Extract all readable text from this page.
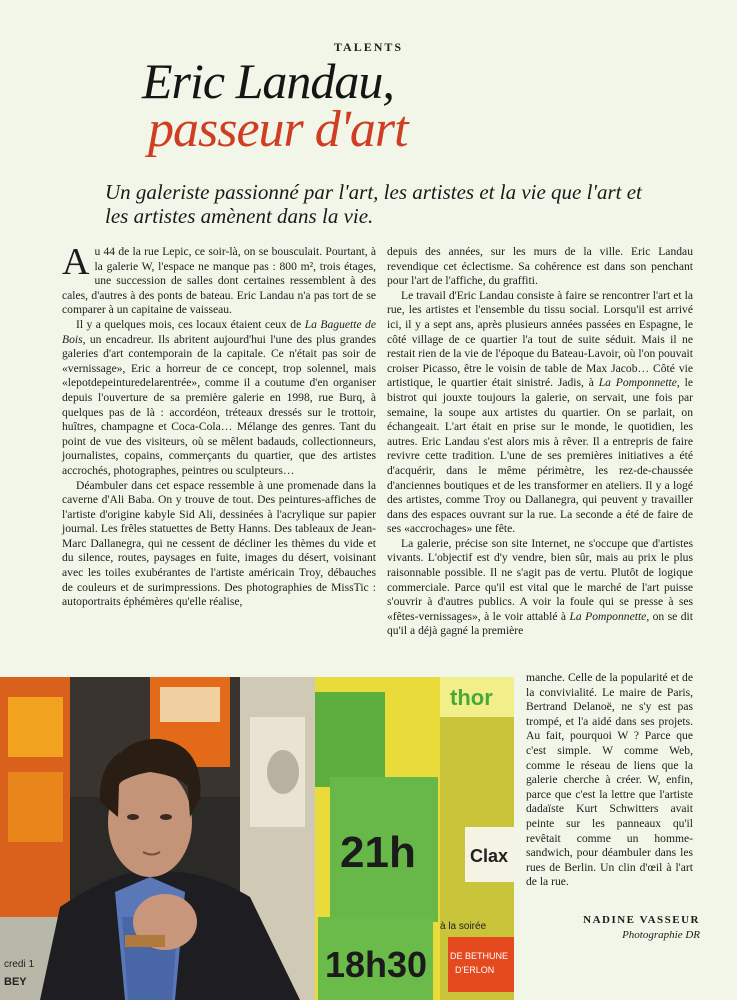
TALENTS
Eric Landau,
passeur d'art
Un galeriste passionné par l'art, les artistes et la vie que l'art et les artistes amènent dans la vie.

Au 44 de la rue Lepic, ce soir-là, on se bousculait. Pourtant, à la galerie W, l'espace ne manque pas : 800 m², trois étages, une succession de salles dont certaines ressemblent à des cales, d'autres à des ponts de bateau. Eric Landau n'a pas tort de se comparer à un capitaine de vaisseau.

Il y a quelques mois, ces locaux étaient ceux de La Baguette de Bois, un encadreur. Ils abritent aujourd'hui l'une des plus grandes galeries d'art contemporain de la capitale. Ce n'était pas soir de «vernissage», Eric a horreur de ce concept, trop solennel, mais «lepotdepeinturedelarentrée», comme il a coutume d'en organiser depuis l'ouverture de sa première galerie en 1998, rue Burq, à quelques pas de là : accordéon, tréteaux dressés sur le trottoir, huîtres, champagne et Coca-Cola… Mélange des genres. Tant du point de vue des visiteurs, où se mêlent badauds, collectionneurs, journalistes, copains, commerçants du quartier, que des artistes accrochés, photographes, peintres ou sculpteurs…

Déambuler dans cet espace ressemble à une promenade dans la caverne d'Ali Baba. On y trouve de tout. Des peintures-affiches de l'artiste d'origine kabyle Sid Ali, dessinées à l'acrylique sur papier journal. Les frêles statuettes de Betty Hanns. Des tableaux de Jean-Marc Dallanegra, qui ne cessent de décliner les thèmes du vide et du silence, routes, paysages en fuite, images du désert, voisinant avec les toiles exubérantes de l'artiste américain Troy, débauches de couleurs et de surimpressions. Des photographies de MissTic : autoportraits éphémères qu'elle réalise,

depuis des années, sur les murs de la ville. Eric Landau revendique cet éclectisme. Sa cohérence est dans son penchant pour l'art de l'affiche, du graffiti.

Le travail d'Eric Landau consiste à faire se rencontrer l'art et la rue, les artistes et l'ensemble du tissu social. Lorsqu'il est arrivé ici, il y a sept ans, après plusieurs années passées en Espagne, le côté village de ce quartier l'a tout de suite séduit. Mais il ne restait rien de la vie de l'époque du Bateau-Lavoir, où l'on pouvait croiser Picasso, être le voisin de table de Max Jacob… Côté vie artistique, le quartier était sinistré. Jadis, à La Pomponnette, le bistrot qui jouxte toujours la galerie, on servait, une fois par semaine, la soupe aux artistes du quartier. On se parlait, on échangeait. L'art était en prise sur le monde, le quotidien, les autres. Eric Landau s'est alors mis à rêver. Il a entrepris de faire revivre cette tradition. L'une de ses premières initiatives a été d'acquérir, dans le même périmètre, les rez-de-chaussée d'anciennes boutiques et de les transformer en ateliers. Il y a logé des artistes, comme Troy ou Dallanegra, qui peuvent y travailler dans des espaces ouvrant sur la rue. La seconde a été de faire de ses «accrochages» une fête.

La galerie, précise son site Internet, ne s'occupe que d'artistes vivants. L'objectif est d'y vendre, bien sûr, mais au prix le plus raisonnable possible. Il ne s'agit pas de vertu. Plutôt de logique commerciale. Parce qu'il est vital que le marché de l'art puisse s'ouvrir à d'autres publics. A voir la foule qui se presse à ses «fêtes-vernissages», à le voir attablé à La Pomponnette, on se dit qu'il a déjà gagné la première

manche. Celle de la popularité et de la convivialité. Le maire de Paris, Bertrand Delanoë, ne s'y est pas trompé, et l'a aidé dans ses projets. Au fait, pourquoi W ? Parce que c'est simple. W comme Web, comme le réseau de liens que la galerie cherche à créer. W, enfin, parce que c'est la lettre que l'artiste dadaïste Kurt Schwitters avait peinte sur les panneaux qu'il revêtait comme un homme-sandwich, pour déambuler dans les rues de Berlin. Un clin d'œil à l'art de la rue.

thor
Clax
21h
18h30
à la soirée
DE BETHUNE
D'ERLON
credi 1
BEY
NADINE VASSEUR
Photographie DR
